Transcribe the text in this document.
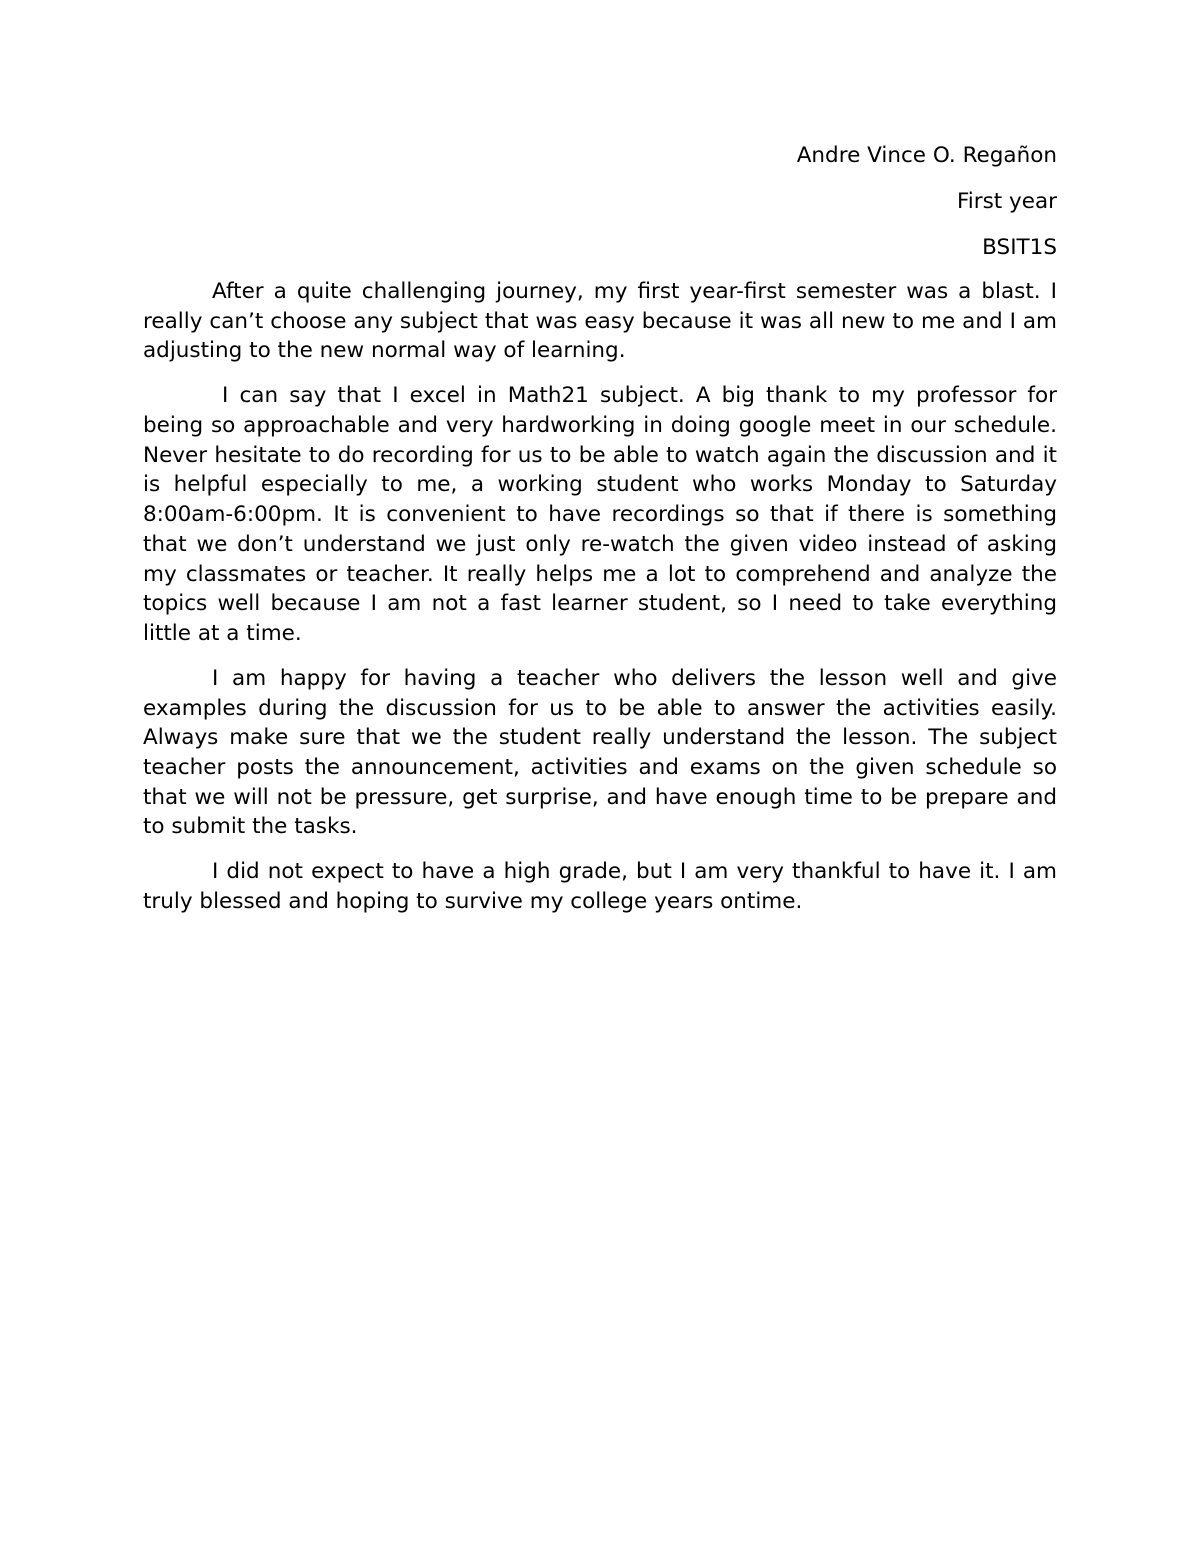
Andre Vince O. Regañon
First year
BSIT1S

After a quite challenging journey, my first year-first semester was a blast. I really can’t choose any subject that was easy because it was all new to me and I am adjusting to the new normal way of learning.

I can say that I excel in Math21 subject. A big thank to my professor for being so approachable and very hardworking in doing google meet in our schedule. Never hesitate to do recording for us to be able to watch again the discussion and it is helpful especially to me, a working student who works Monday to Saturday 8:00am-6:00pm. It is convenient to have recordings so that if there is something that we don’t understand we just only re-watch the given video instead of asking my classmates or teacher. It really helps me a lot to comprehend and analyze the topics well because I am not a fast learner student, so I need to take everything little at a time.

I am happy for having a teacher who delivers the lesson well and give examples during the discussion for us to be able to answer the activities easily. Always make sure that we the student really understand the lesson. The subject teacher posts the announcement, activities and exams on the given schedule so that we will not be pressure, get surprise, and have enough time to be prepare and to submit the tasks.

I did not expect to have a high grade, but I am very thankful to have it. I am truly blessed and hoping to survive my college years ontime.
